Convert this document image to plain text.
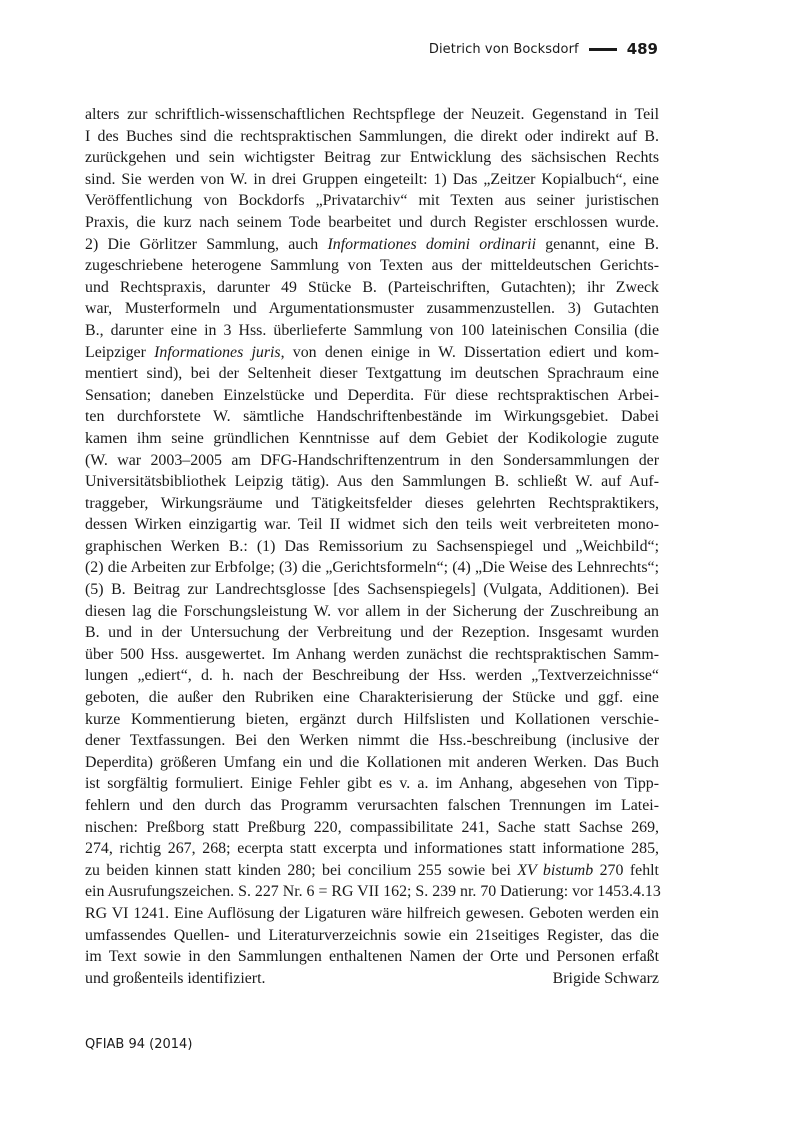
Dietrich von Bocksdorf	489
alters zur schriftlich-wissenschaftlichen Rechtspflege der Neuzeit. Gegenstand in Teil
I des Buches sind die rechtspraktischen Sammlungen, die direkt oder indirekt auf B.
zurückgehen und sein wichtigster Beitrag zur Entwicklung des sächsischen Rechts
sind. Sie werden von W. in drei Gruppen eingeteilt: 1) Das „Zeitzer Kopialbuch“, eine
Veröffentlichung von Bockdorfs „Privatarchiv“ mit Texten aus seiner juristischen
Praxis, die kurz nach seinem Tode bearbeitet und durch Register erschlossen wurde.
2) Die Görlitzer Sammlung, auch Informationes domini ordinarii genannt, eine B.
zugeschriebene heterogene Sammlung von Texten aus der mitteldeutschen Gerichts-
und Rechtspraxis, darunter 49 Stücke B. (Parteischriften, Gutachten); ihr Zweck
war, Musterformeln und Argumentationsmuster zusammenzustellen. 3) Gutachten
B., darunter eine in 3 Hss. überlieferte Sammlung von 100 lateinischen Consilia (die
Leipziger Informationes juris, von denen einige in W. Dissertation ediert und kom-
mentiert sind), bei der Seltenheit dieser Textgattung im deutschen Sprachraum eine
Sensation; daneben Einzelstücke und Deperdita. Für diese rechtspraktischen Arbei-
ten durchforstete W. sämtliche Handschriftenbestände im Wirkungsgebiet. Dabei
kamen ihm seine gründlichen Kenntnisse auf dem Gebiet der Kodikologie zugute
(W. war 2003–2005 am DFG-Handschriftenzentrum in den Sondersammlungen der
Universitätsbibliothek Leipzig tätig). Aus den Sammlungen B. schließt W. auf Auf-
traggeber, Wirkungsräume und Tätigkeitsfelder dieses gelehrten Rechtspraktikers,
dessen Wirken einzigartig war. Teil II widmet sich den teils weit verbreiteten mono-
graphischen Werken B.: (1) Das Remissorium zu Sachsenspiegel und „Weichbild“;
(2) die Arbeiten zur Erbfolge; (3) die „Gerichtsformeln“; (4) „Die Weise des Lehnrechts“;
(5) B. Beitrag zur Landrechtsglosse [des Sachsenspiegels] (Vulgata, Additionen). Bei
diesen lag die Forschungsleistung W. vor allem in der Sicherung der Zuschreibung an
B. und in der Untersuchung der Verbreitung und der Rezeption. Insgesamt wurden
über 500 Hss. ausgewertet. Im Anhang werden zunächst die rechtspraktischen Samm-
lungen „ediert“, d. h. nach der Beschreibung der Hss. werden „Textverzeichnisse“
geboten, die außer den Rubriken eine Charakterisierung der Stücke und ggf. eine
kurze Kommentierung bieten, ergänzt durch Hilfslisten und Kollationen verschie-
dener Textfassungen. Bei den Werken nimmt die Hss.-beschreibung (inclusive der
Deperdita) größeren Umfang ein und die Kollationen mit anderen Werken. Das Buch
ist sorgfältig formuliert. Einige Fehler gibt es v. a. im Anhang, abgesehen von Tipp-
fehlern und den durch das Programm verursachten falschen Trennungen im Latei-
nischen: Preßborg statt Preßburg 220, compassibilitate 241, Sache statt Sachse 269,
274, richtig 267, 268; ecerpta statt excerpta und informationes statt informatione 285,
zu beiden kinnen statt kinden 280; bei concilium 255 sowie bei XV bistumb 270 fehlt
ein Ausrufungszeichen. S. 227 Nr. 6 = RG VII 162; S. 239 nr. 70 Datierung: vor 1453.4.13
RG VI 1241. Eine Auflösung der Ligaturen wäre hilfreich gewesen. Geboten werden ein
umfassendes Quellen- und Literaturverzeichnis sowie ein 21seitiges Register, das die
im Text sowie in den Sammlungen enthaltenen Namen der Orte und Personen erfaßt
und großenteils identifiziert.	Brigide Schwarz
QFIAB 94 (2014)
